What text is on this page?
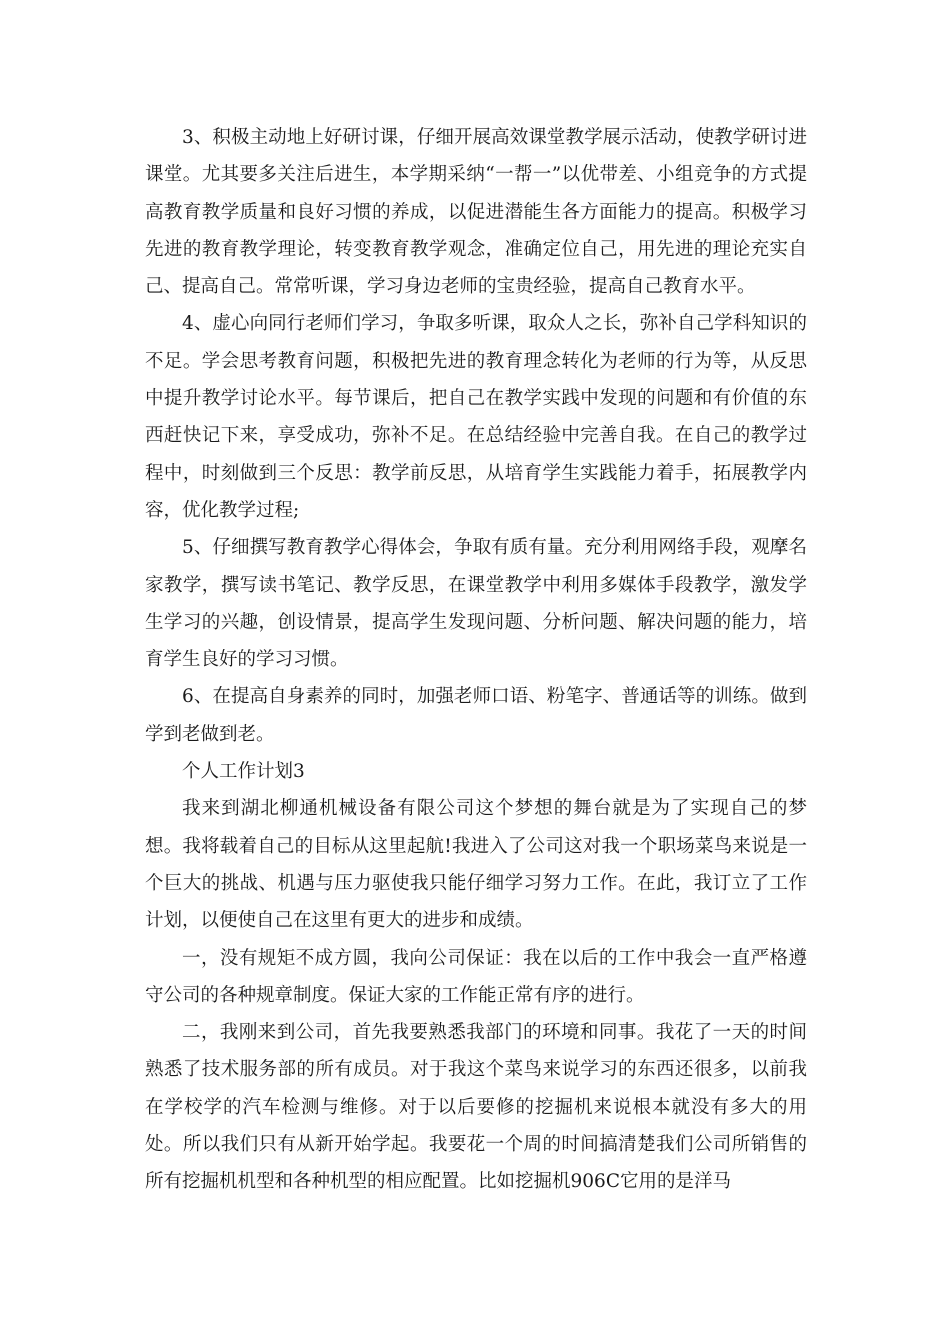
3、积极主动地上好研讨课，仔细开展高效课堂教学展示活动，使教学研讨进课堂。尤其要多关注后进生，本学期采纳“一帮一”以优带差、小组竞争的方式提高教育教学质量和良好习惯的养成，以促进潜能生各方面能力的提高。积极学习先进的教育教学理论，转变教育教学观念，准确定位自己，用先进的理论充实自己、提高自己。常常听课，学习身边老师的宝贵经验，提高自己教育水平。

4、虚心向同行老师们学习，争取多听课，取众人之长，弥补自己学科知识的不足。学会思考教育问题，积极把先进的教育理念转化为老师的行为等，从反思中提升教学讨论水平。每节课后，把自己在教学实践中发现的问题和有价值的东西赶快记下来，享受成功，弥补不足。在总结经验中完善自我。在自己的教学过程中，时刻做到三个反思：教学前反思，从培育学生实践能力着手，拓展教学内容，优化教学过程;

5、仔细撰写教育教学心得体会，争取有质有量。充分利用网络手段，观摩名家教学，撰写读书笔记、教学反思，在课堂教学中利用多媒体手段教学，激发学生学习的兴趣，创设情景，提高学生发现问题、分析问题、解决问题的能力，培育学生良好的学习习惯。

6、在提高自身素养的同时，加强老师口语、粉笔字、普通话等的训练。做到学到老做到老。

个人工作计划3

我来到湖北柳通机械设备有限公司这个梦想的舞台就是为了实现自己的梦想。我将载着自己的目标从这里起航!我进入了公司这对我一个职场菜鸟来说是一个巨大的挑战、机遇与压力驱使我只能仔细学习努力工作。在此，我订立了工作计划，以便使自己在这里有更大的进步和成绩。

一，没有规矩不成方圆，我向公司保证：我在以后的工作中我会一直严格遵守公司的各种规章制度。保证大家的工作能正常有序的进行。

二，我刚来到公司，首先我要熟悉我部门的环境和同事。我花了一天的时间熟悉了技术服务部的所有成员。对于我这个菜鸟来说学习的东西还很多，以前我在学校学的汽车检测与维修。对于以后要修的挖掘机来说根本就没有多大的用处。所以我们只有从新开始学起。我要花一个周的时间搞清楚我们公司所销售的所有挖掘机机型和各种机型的相应配置。比如挖掘机906C它用的是洋马
